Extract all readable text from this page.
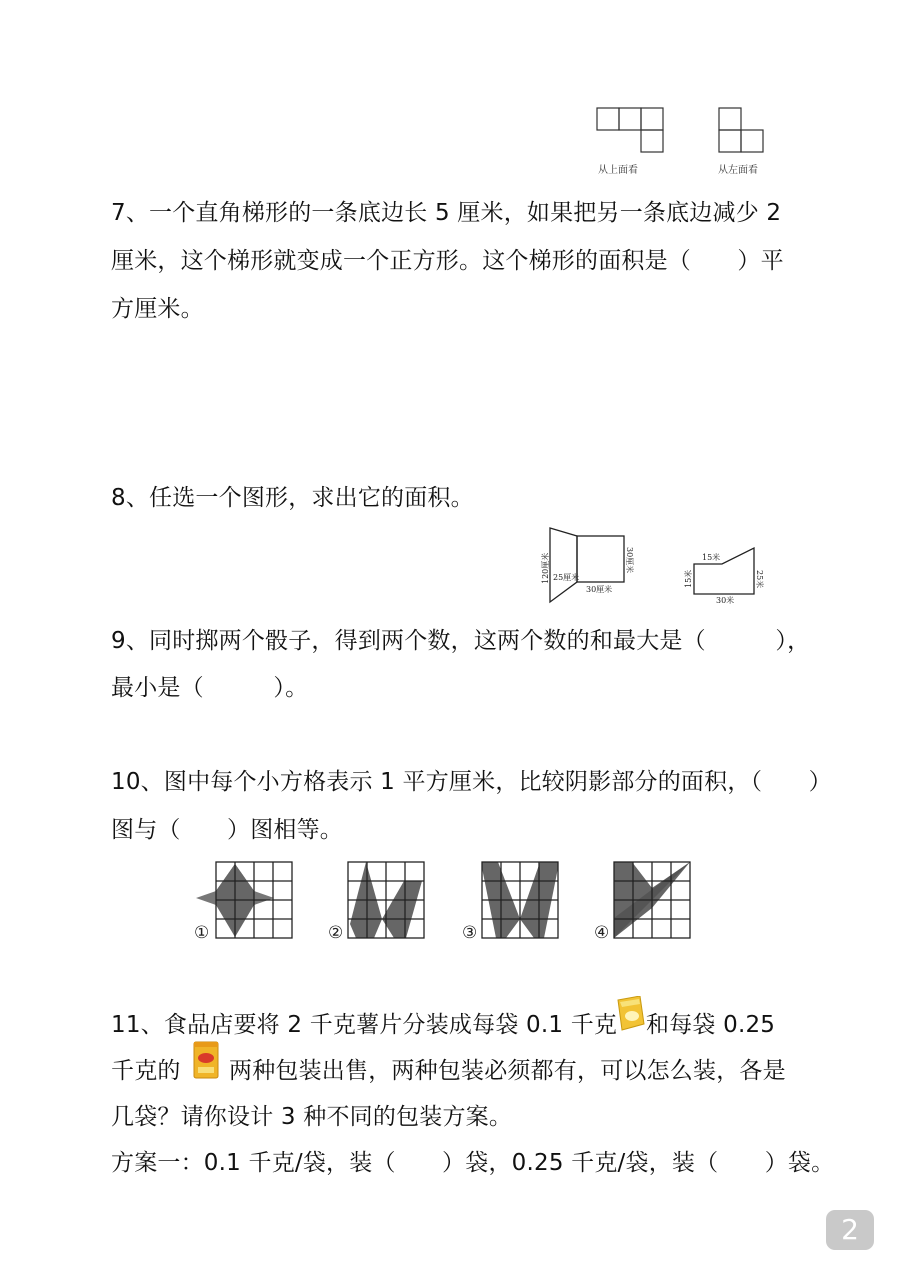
从上面看	从左面看
7、一个直角梯形的一条底边长 5 厘米，如果把另一条底边减少 2
厘米，这个梯形就变成一个正方形。这个梯形的面积是（　　）平
方厘米。
8、任选一个图形，求出它的面积。
120厘米 25厘米
30厘米
30厘米	15米
15米	25米
30米
9、同时掷两个骰子，得到两个数，这两个数的和最大是（　　　），
最小是（　　　）。
10、图中每个小方格表示 1 平方厘米，比较阴影部分的面积，（　　）
图与（　　）图相等。
①	②	③	④
11、食品店要将 2 千克薯片分装成每袋 0.1 千克 和每袋 0.25
千克的 两种包装出售，两种包装必须都有，可以怎么装，各是
几袋？请你设计 3 种不同的包装方案。
方案一：0.1 千克/袋，装（　　）袋，0.25 千克/袋，装（　　）袋。
2
